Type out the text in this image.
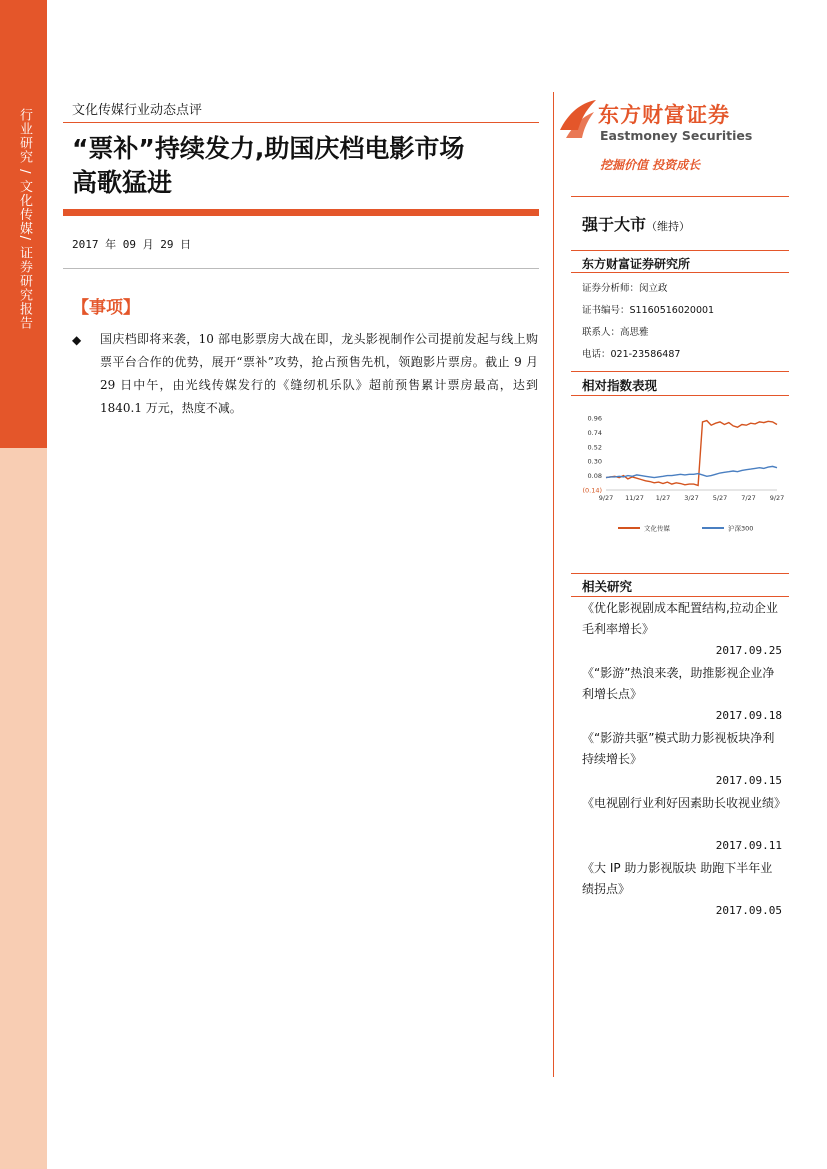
行业研究 / 文化传媒/ 证券研究报告	文化传媒行业动态点评
“票补”持续发力,助国庆档电影市场
高歌猛进
2017 年 09 月 29 日
【事项】
◆ 国庆档即将来袭，10 部电影票房大战在即，龙头影视制作公司提前发起与线上购票平台合作的优势，展开“票补”攻势，抢占预售先机，领跑影片票房。截止 9 月 29 日中午，由光线传媒发行的《缝纫机乐队》超前预售累计票房最高，达到 1840.1 万元，热度不减。
东方财富证券
Eastmoney Securities
挖掘价值 投资成长
强于大市（维持）
东方财富证券研究所
证券分析师：闵立政
证书编号：S1160516020001
联系人：高思雅
电话：021-23586487
相对指数表现
0.96
0.74
0.52
0.30
0.08
(0.14)
9/27 11/27 1/27 3/27 5/27 7/27 9/27
文化传媒	沪深300
相关研究
《优化影视剧成本配置结构,拉动企业毛利率增长》
2017.09.25
《“影游”热浪来袭，助推影视企业净利增长点》
2017.09.18
《“影游共驱”模式助力影视板块净利持续增长》
2017.09.15
《电视剧行业利好因素助长收视业绩》
2017.09.11
《大 IP 助力影视版块 助跑下半年业绩拐点》
2017.09.05
